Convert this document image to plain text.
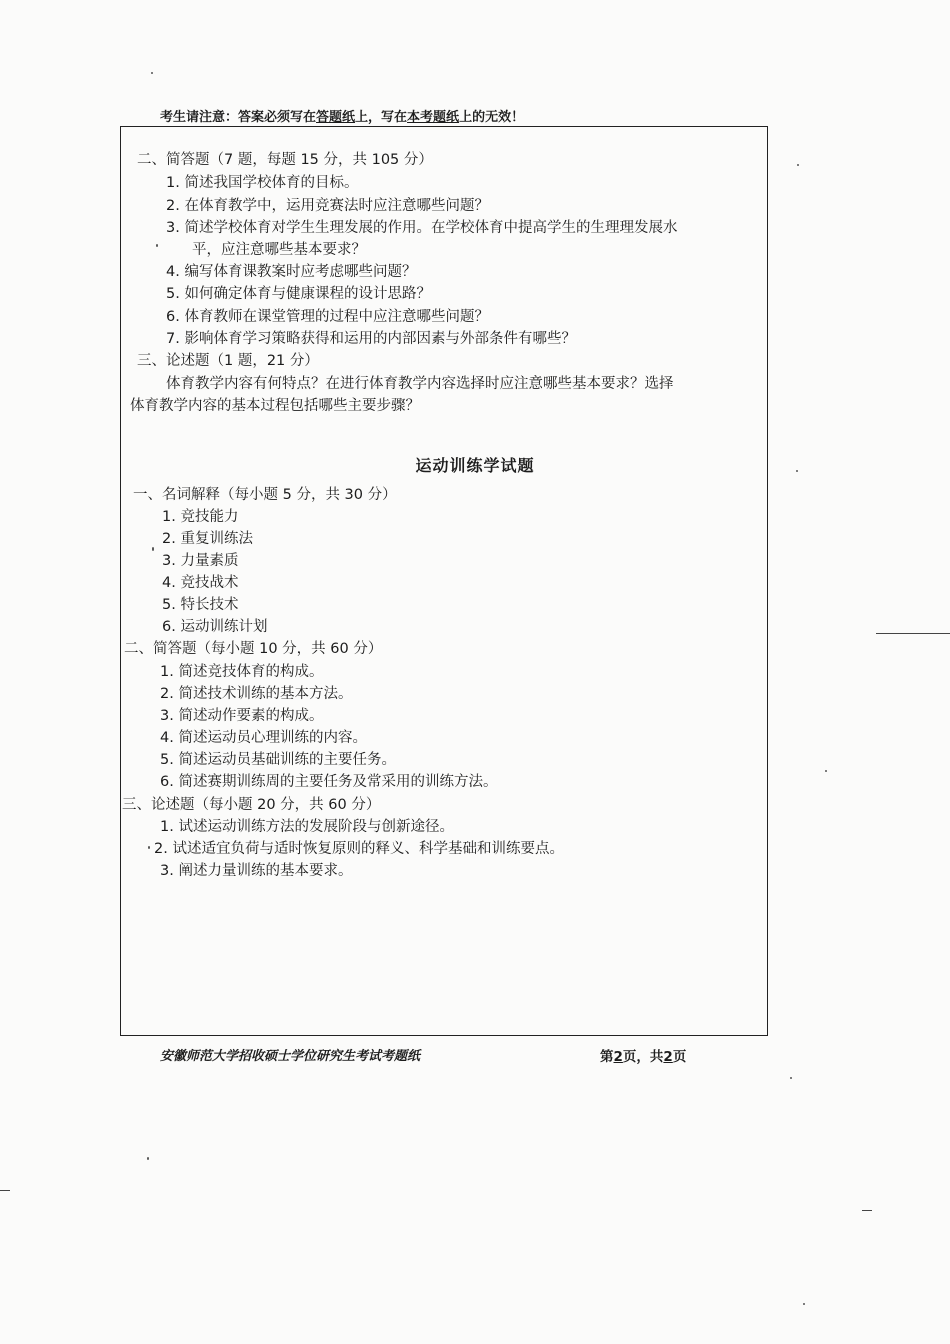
考生请注意：答案必须写在答题纸上，写在本考题纸上的无效！
二、简答题（7 题，每题 15 分，共 105 分）
1. 简述我国学校体育的目标。
2. 在体育教学中，运用竞赛法时应注意哪些问题？
3. 简述学校体育对学生生理发展的作用。在学校体育中提高学生的生理理发展水
平，应注意哪些基本要求？
4. 编写体育课教案时应考虑哪些问题？
5. 如何确定体育与健康课程的设计思路？
6. 体育教师在课堂管理的过程中应注意哪些问题？
7. 影响体育学习策略获得和运用的内部因素与外部条件有哪些？
三、论述题（1 题，21 分）
体育教学内容有何特点？在进行体育教学内容选择时应注意哪些基本要求？选择
体育教学内容的基本过程包括哪些主要步骤？
运动训练学试题
一、名词解释（每小题 5 分，共 30 分）
1. 竞技能力
2. 重复训练法
3. 力量素质
4. 竞技战术
5. 特长技术
6. 运动训练计划
二、简答题（每小题 10 分，共 60 分）
1. 简述竞技体育的构成。
2. 简述技术训练的基本方法。
3. 简述动作要素的构成。
4. 简述运动员心理训练的内容。
5. 简述运动员基础训练的主要任务。
6. 简述赛期训练周的主要任务及常采用的训练方法。
三、论述题（每小题 20 分，共 60 分）
1. 试述运动训练方法的发展阶段与创新途径。
2. 试述适宜负荷与适时恢复原则的释义、科学基础和训练要点。
3. 阐述力量训练的基本要求。
安徽师范大学招收硕士学位研究生考试考题纸	第2页，共2页
